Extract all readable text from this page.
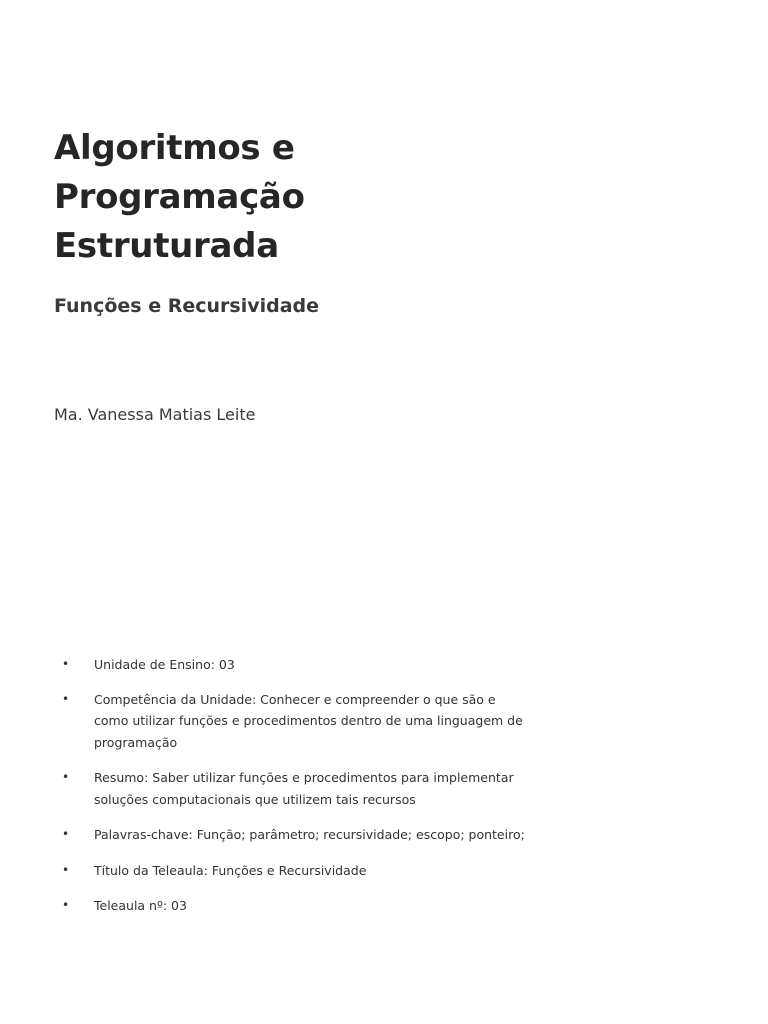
Algoritmos e
Programação
Estruturada
Funções e Recursividade
Ma. Vanessa Matias Leite
•	Unidade de Ensino: 03
•	Competência da Unidade: Conhecer e compreender o que são e como utilizar funções e procedimentos dentro de uma linguagem de programação
•	Resumo: Saber utilizar funções e procedimentos para implementar soluções computacionais que utilizem tais recursos
•	Palavras-chave: Função; parâmetro; recursividade; escopo; ponteiro;
•	Título da Teleaula: Funções e Recursividade
•	Teleaula nº: 03
